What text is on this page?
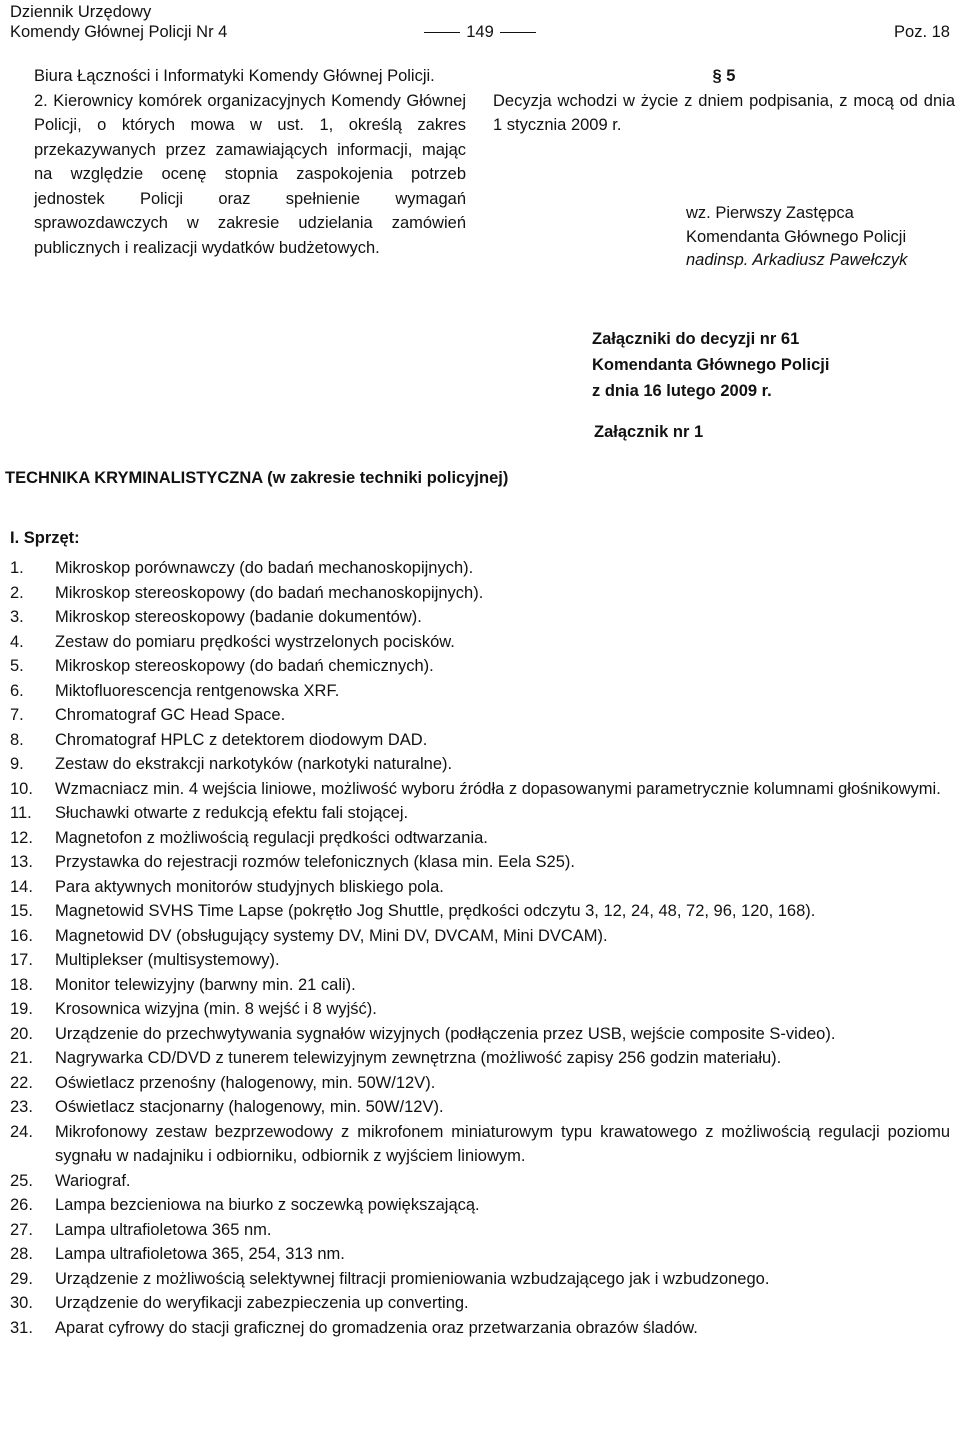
Dziennik Urzędowy
Komendy Głównej Policji Nr 4	149	Poz. 18

Biura Łączności i Informatyki Komendy Głównej Policji.

2. Kierownicy komórek organizacyjnych Komendy Głównej Policji, o których mowa w ust. 1, określą zakres przekazywanych przez zamawiających informacji, mając na względzie ocenę stopnia zaspokojenia potrzeb jednostek Policji oraz spełnienie wymagań sprawozdawczych w zakresie udzielania zamówień publicznych i realizacji wydatków budżetowych.

§ 5
Decyzja wchodzi w życie z dniem podpisania, z mocą od dnia 1 stycznia 2009 r.
wz. Pierwszy Zastępca
Komendanta Głównego Policji
nadinsp. Arkadiusz Pawełczyk
Załączniki do decyzji nr 61
Komendanta Głównego Policji
z dnia 16 lutego 2009 r.
Załącznik nr 1
TECHNIKA KRYMINALISTYCZNA (w zakresie techniki policyjnej)
I. Sprzęt:
1.	Mikroskop porównawczy (do badań mechanoskopijnych).
2.	Mikroskop stereoskopowy (do badań mechanoskopijnych).
3.	Mikroskop stereoskopowy (badanie dokumentów).
4.	Zestaw do pomiaru prędkości wystrzelonych pocisków.
5.	Mikroskop stereoskopowy (do badań chemicznych).
6.	Miktofluorescencja rentgenowska XRF.
7.	Chromatograf GC Head Space.
8.	Chromatograf HPLC z detektorem diodowym DAD.
9.	Zestaw do ekstrakcji narkotyków (narkotyki naturalne).
10.	Wzmacniacz min. 4 wejścia liniowe, możliwość wyboru źródła z dopasowanymi parametrycznie kolumnami głośnikowymi.
11.	Słuchawki otwarte z redukcją efektu fali stojącej.
12.	Magnetofon z możliwością regulacji prędkości odtwarzania.
13.	Przystawka do rejestracji rozmów telefonicznych (klasa min. Eela S25).
14.	Para aktywnych monitorów studyjnych bliskiego pola.
15.	Magnetowid SVHS Time Lapse (pokrętło Jog Shuttle, prędkości odczytu 3, 12, 24, 48, 72, 96, 120, 168).
16.	Magnetowid DV (obsługujący systemy DV, Mini DV, DVCAM, Mini DVCAM).
17.	Multiplekser (multisystemowy).
18.	Monitor telewizyjny (barwny min. 21 cali).
19.	Krosownica wizyjna (min. 8 wejść i 8 wyjść).
20.	Urządzenie do przechwytywania sygnałów wizyjnych (podłączenia przez USB, wejście composite S-video).
21.	Nagrywarka CD/DVD z tunerem telewizyjnym zewnętrzna (możliwość zapisy 256 godzin materiału).
22.	Oświetlacz przenośny (halogenowy, min. 50W/12V).
23.	Oświetlacz stacjonarny (halogenowy, min. 50W/12V).
24.	Mikrofonowy zestaw bezprzewodowy z mikrofonem miniaturowym typu krawatowego z możliwością regulacji poziomu sygnału w nadajniku i odbiorniku, odbiornik z wyjściem liniowym.
25.	Wariograf.
26.	Lampa bezcieniowa na biurko z soczewką powiększającą.
27.	Lampa ultrafioletowa 365 nm.
28.	Lampa ultrafioletowa 365, 254, 313 nm.
29.	Urządzenie z możliwością selektywnej filtracji promieniowania wzbudzającego jak i wzbudzonego.
30.	Urządzenie do weryfikacji zabezpieczenia up converting.
31.	Aparat cyfrowy do stacji graficznej do gromadzenia oraz przetwarzania obrazów śladów.
